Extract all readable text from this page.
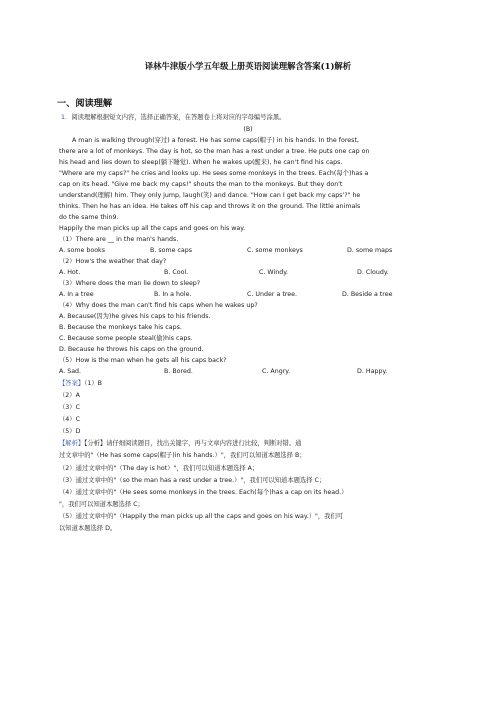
译林牛津版小学五年级上册英语阅读理解含答案(1)解析
一、阅读理解
1．阅读理解根据短文内容，选择正确答案，在答题卷上将对应的字母编号涂黑。
(B)
A man is walking through(穿过) a forest. He has some caps(帽子) in his hands. In the forest,
there are a lot of monkeys. The day is hot, so the man has a rest under a tree. He puts one cap on
his head and lies down to sleep(躺下睡觉). When he wakes up(醒来), he can't find his caps.
"Where are my caps?" he cries and looks up. He sees some monkeys in the trees. Each(每个)has a
cap on its head. "Give me back my caps!" shouts the man to the monkeys. But they don't
understand(理解) him. They only jump, laugh(笑) and dance. "How can I get back my caps'?" he
thinks. Then he has an idea. He takes off his cap and throws it on the ground. The little animals
do the same thin9.
Happily the man picks up all the caps and goes on his way.
（1）There are __ in the man's hands.
A. some books	B. some caps	C. some monkeys	D. some maps
（2）How's the weather that day?
A. Hot.	B. Cool.	C. Windy.	D. Cloudy.
（3）Where does the man lie down to sleep?
A. In a tree	B. In a hole.	C. Under a tree.	D. Beside a tree
（4）Why does the man can't find his caps when he wakes up?
A. Because(因为)he gives his caps to his friends.
B. Because the monkeys take his caps.
C. Because some people steal(偷)his caps.
D. Because he throws his caps on the ground.
（5）How is the man when he gets all his caps back?
A. Sad.	B. Bored.	C. Angry.	D. Happy.
【答案】（1）B
（2）A
（3）C
（4）C
（5）D
【解析】【分析】请仔细阅读题目，找出关键字，再与文章内容进行比较，判断对错。通
过文章中的"（He has some caps(帽子)in his hands.）"，我们可以知道本题选择 B；
（2）通过文章中的"（The day is hot）"，我们可以知道本题选择 A；
（3）通过文章中的"（so the man has a rest under a tree.）"，我们可以知道本题选择 C；
（4）通过文章中的"（He sees some monkeys in the trees. Each(每个)has a cap on its head.）
"，我们可以知道本题选择 C；
（5）通过文章中的"（Happily the man picks up all the caps and goes on his way.）"，我们可
以知道本题选择 D。
